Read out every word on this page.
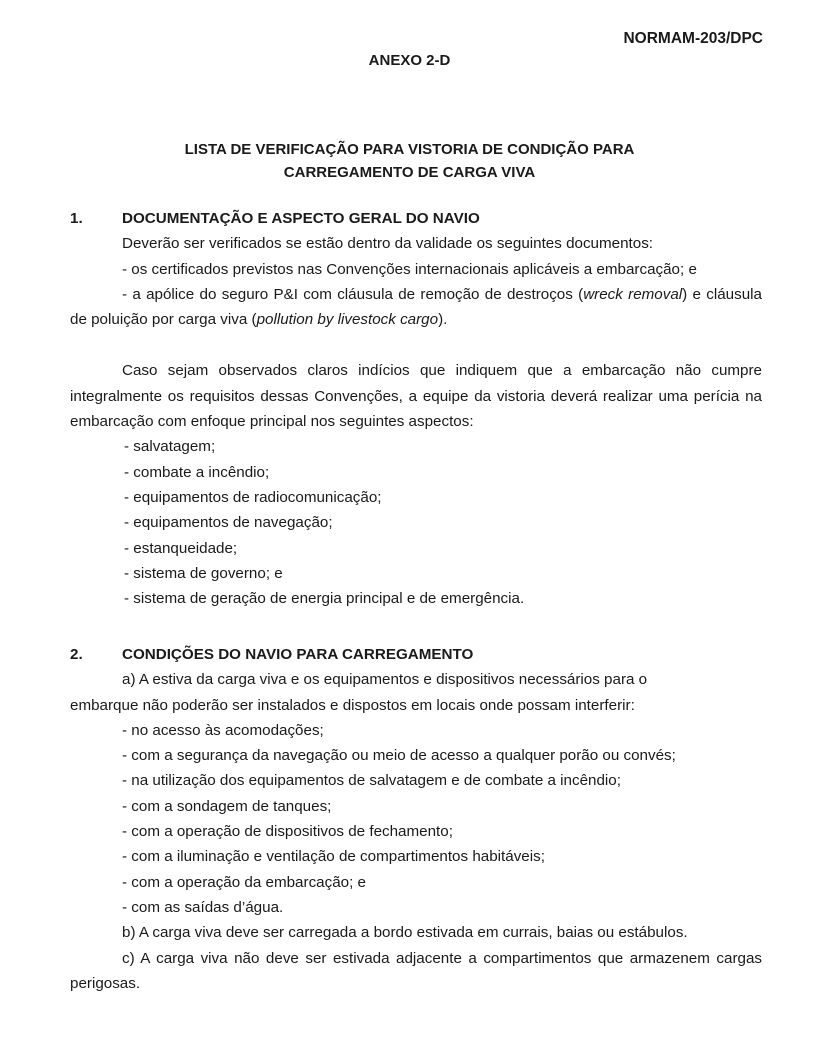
NORMAM-203/DPC
ANEXO 2-D
LISTA DE VERIFICAÇÃO PARA VISTORIA DE CONDIÇÃO PARA
CARREGAMENTO DE CARGA VIVA
1.	DOCUMENTAÇÃO E ASPECTO GERAL DO NAVIO
Deverão ser verificados se estão dentro da validade os seguintes documentos:
- os certificados previstos nas Convenções internacionais aplicáveis a embarcação; e
- a apólice do seguro P&I com cláusula de remoção de destroços (wreck removal) e cláusula de poluição por carga viva (pollution by livestock cargo).
Caso sejam observados claros indícios que indiquem que a embarcação não cumpre integralmente os requisitos dessas Convenções, a equipe da vistoria deverá realizar uma perícia na embarcação com enfoque principal nos seguintes aspectos:
- salvatagem;
- combate a incêndio;
- equipamentos de radiocomunicação;
- equipamentos de navegação;
- estanqueidade;
- sistema de governo; e
- sistema de geração de energia principal e de emergência.
2.	CONDIÇÕES DO NAVIO PARA CARREGAMENTO
a) A estiva da carga viva e os equipamentos e dispositivos necessários para o
embarque não poderão ser instalados e dispostos em locais onde possam interferir:
- no acesso às acomodações;
- com a segurança da navegação ou meio de acesso a qualquer porão ou convés;
- na utilização dos equipamentos de salvatagem e de combate a incêndio;
- com a sondagem de tanques;
- com a operação de dispositivos de fechamento;
- com a iluminação e ventilação de compartimentos habitáveis;
- com a operação da embarcação; e
- com as saídas d’água.
b) A carga viva deve ser carregada a bordo estivada em currais, baias ou estábulos.
c) A carga viva não deve ser estivada adjacente a compartimentos que armazenem cargas perigosas.
